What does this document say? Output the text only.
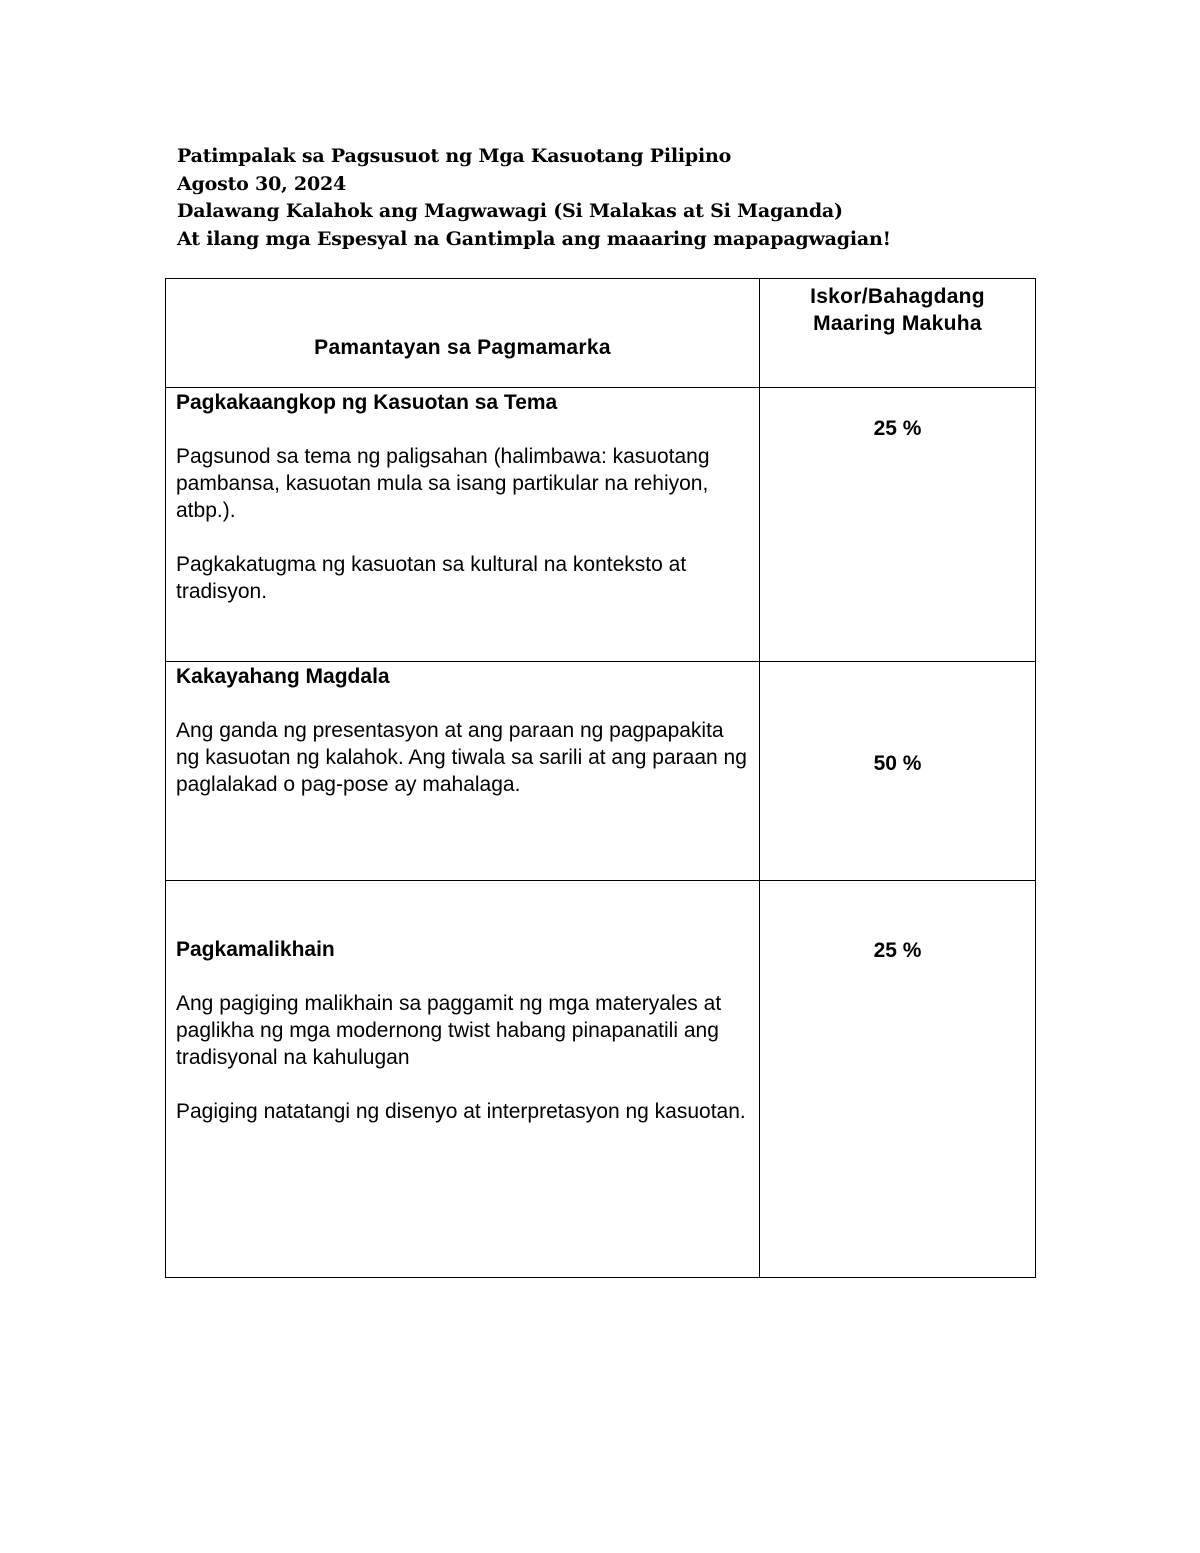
Patimpalak sa Pagsusuot ng Mga Kasuotang Pilipino
Agosto 30, 2024
Dalawang Kalahok ang Magwawagi (Si Malakas at Si Maganda)
At ilang mga Espesyal na Gantimpla ang maaaring mapapagwagian!
Pamantayan sa Pagmamarka	Iskor/Bahagdang
Maaring Makuha

Pagkakaangkop ng Kasuotan sa Tema
Pagsunod sa tema ng paligsahan (halimbawa: kasuotang pambansa, kasuotan mula sa isang partikular na rehiyon, atbp.).
Pagkakatugma ng kasuotan sa kultural na konteksto at tradisyon.	25 %

Kakayahang Magdala
Ang ganda ng presentasyon at ang paraan ng pagpapakita ng kasuotan ng kalahok. Ang tiwala sa sarili at ang paraan ng paglalakad o pag-pose ay mahalaga.	50 %

Pagkamalikhain
Ang pagiging malikhain sa paggamit ng mga materyales at paglikha ng mga modernong twist habang pinapanatili ang tradisyonal na kahulugan
Pagiging natatangi ng disenyo at interpretasyon ng kasuotan.	25 %
